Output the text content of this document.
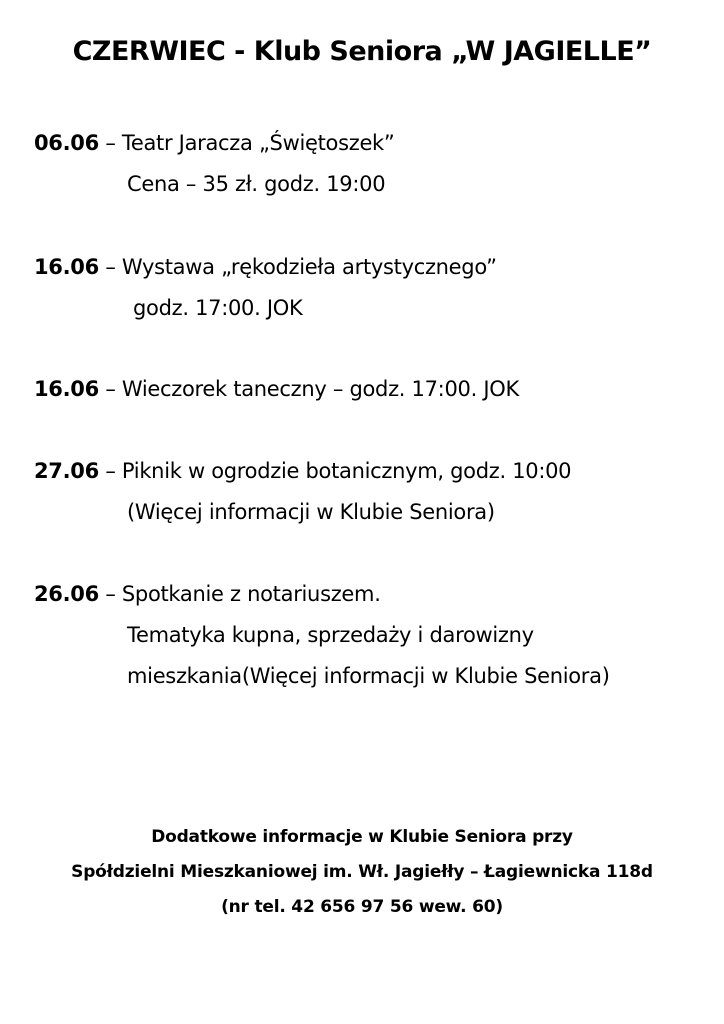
CZERWIEC - Klub Seniora „W JAGIELLE”
06.06 – Teatr Jaracza „Świętoszek”
Cena – 35 zł. godz. 19:00
16.06 – Wystawa „rękodzieła artystycznego”
godz. 17:00. JOK
16.06 – Wieczorek taneczny – godz. 17:00. JOK
27.06 – Piknik w ogrodzie botanicznym, godz. 10:00
(Więcej informacji w Klubie Seniora)
26.06 – Spotkanie z notariuszem.
Tematyka kupna, sprzedaży i darowizny
mieszkania(Więcej informacji w Klubie Seniora)
Dodatkowe informacje w Klubie Seniora przy
Spółdzielni Mieszkaniowej im. Wł. Jagiełły – Łagiewnicka 118d
(nr tel. 42 656 97 56 wew. 60)
